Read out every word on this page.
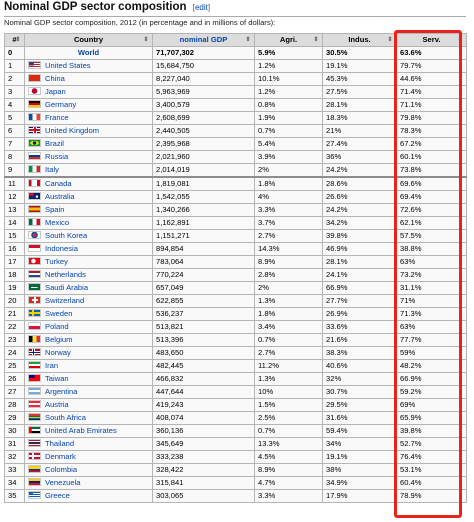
Nominal GDP sector composition [edit]
Nominal GDP sector composition, 2012 (in percentage and in millions of dollars):
#
⇕	Country ⇕	nominal GDP ⇕	Agri. ⇕	Indus. ⇕	Serv. ⇕

0	World	71,707,302	5.9%	30.5%	63.6%
1	United States	15,684,750	1.2%	19.1%	79.7%
2	China	8,227,040	10.1%	45.3%	44.6%
3	Japan	5,963,969	1.2%	27.5%	71.4%
4	Germany	3,400,579	0.8%	28.1%	71.1%
5	France	2,608,699	1.9%	18.3%	79.8%
6	United Kingdom	2,440,505	0.7%	21%	78.3%
7	Brazil	2,395,968	5.4%	27.4%	67.2%
8	Russia	2,021,960	3.9%	36%	60.1%
9	Italy	2,014,019	2%	24.2%	73.8%
11	Canada	1,819,081	1.8%	28.6%	69.6%
12	Australia	1,542,055	4%	26.6%	69.4%
13	Spain	1,340,266	3.3%	24.2%	72.6%
14	Mexico	1,162,891	3.7%	34.2%	62.1%
15	South Korea	1,151,271	2.7%	39.8%	57.5%
16	Indonesia	894,854	14.3%	46.9%	38.8%
17	Turkey	783,064	8.9%	28.1%	63%
18	Netherlands	770,224	2.8%	24.1%	73.2%
19	Saudi Arabia	657,049	2%	66.9%	31.1%
20	Switzerland	622,855	1.3%	27.7%	71%
21	Sweden	536,237	1.8%	26.9%	71.3%
22	Poland	513,821	3.4%	33.6%	63%
23	Belgium	513,396	0.7%	21.6%	77.7%
24	Norway	483,650	2.7%	38.3%	59%
25	Iran	482,445	11.2%	40.6%	48.2%
26	Taiwan	466,832	1.3%	32%	66.9%
27	Argentina	447,644	10%	30.7%	59.2%
28	Austria	419,243	1.5%	29.5%	69%
29	South Africa	408,074	2.5%	31.6%	65.9%
30	United Arab Emirates	360,136	0.7%	59.4%	39.8%
31	Thailand	345,649	13.3%	34%	52.7%
32	Denmark	333,238	4.5%	19.1%	76.4%
33	Colombia	328,422	8.9%	38%	53.1%
34	Venezuela	315,841	4.7%	34.9%	60.4%
35	Greece	303,065	3.3%	17.9%	78.9%
